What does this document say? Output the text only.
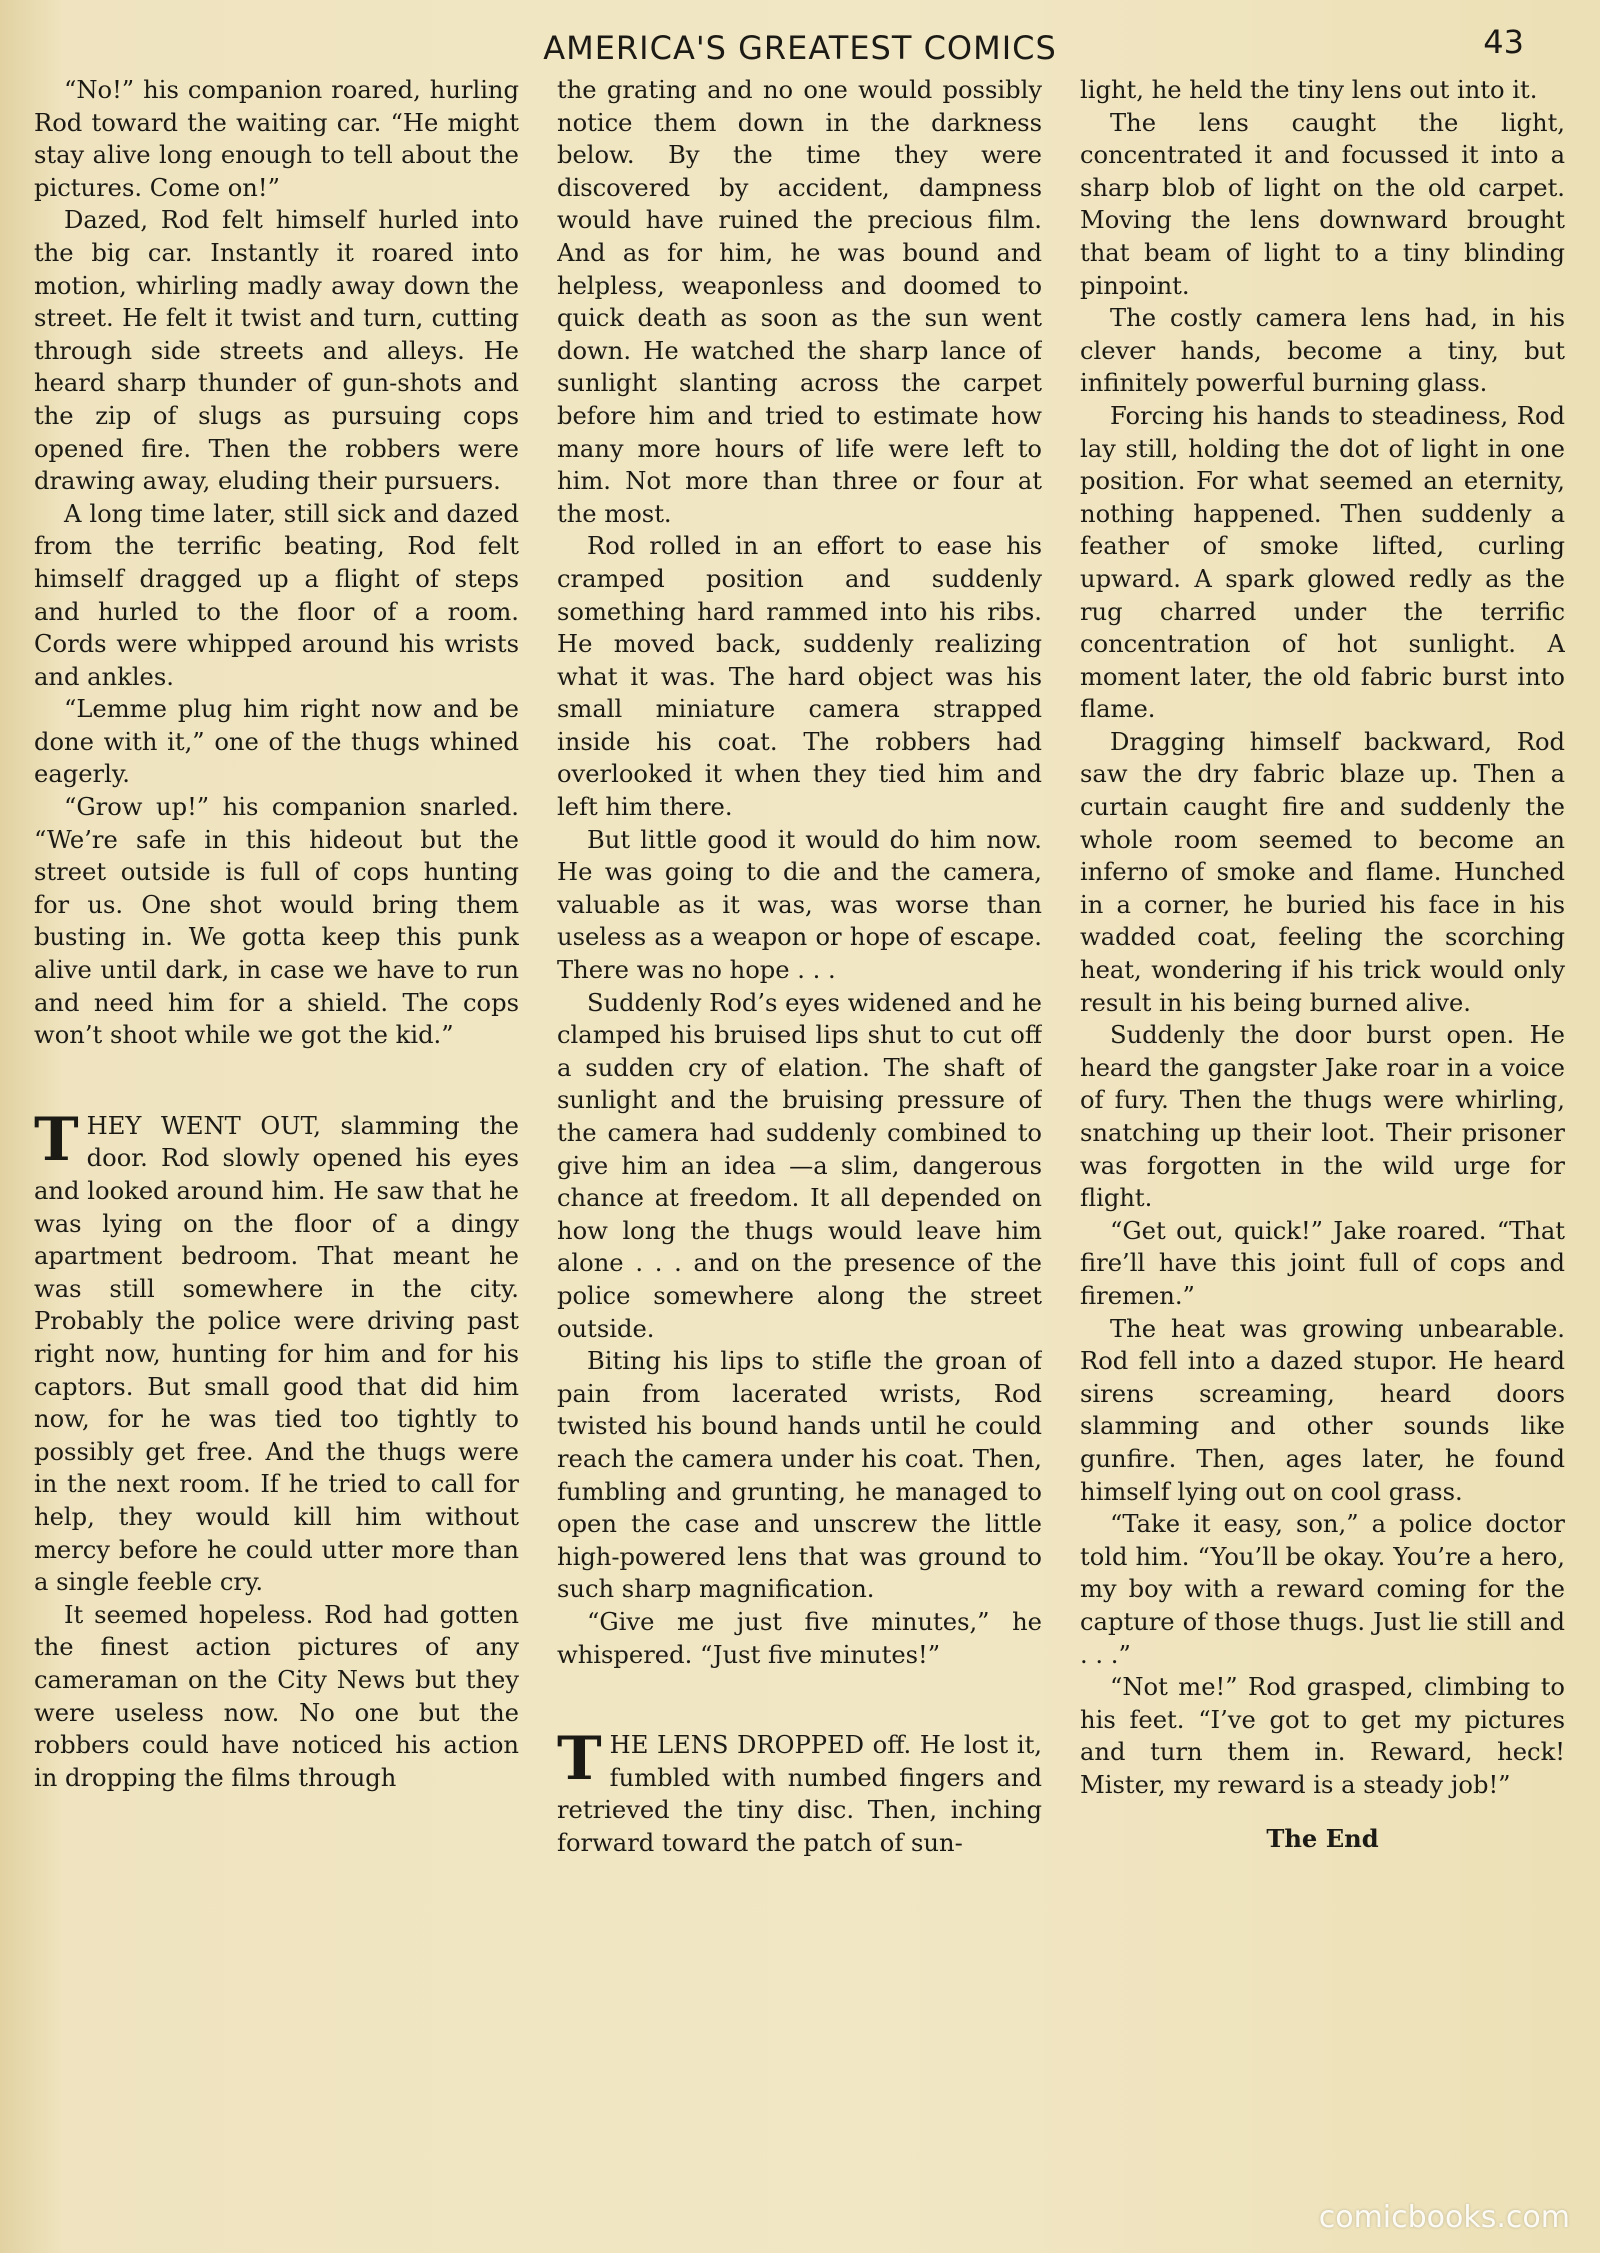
AMERICA'S GREATEST COMICS	43

“No!” his companion roared, hurling Rod toward the waiting car. “He might stay alive long enough to tell about the pictures. Come on!”

Dazed, Rod felt himself hurled into the big car. Instantly it roared into motion, whirling madly away down the street. He felt it twist and turn, cutting through side streets and alleys. He heard sharp thunder of gun-shots and the zip of slugs as pursuing cops opened fire. Then the robbers were drawing away, eluding their pursuers.

A long time later, still sick and dazed from the terrific beating, Rod felt himself dragged up a flight of steps and hurled to the floor of a room. Cords were whipped around his wrists and ankles.

“Lemme plug him right now and be done with it,” one of the thugs whined eagerly.

“Grow up!” his companion snarled. “We’re safe in this hideout but the street outside is full of cops hunting for us. One shot would bring them busting in. We gotta keep this punk alive until dark, in case we have to run and need him for a shield. The cops won’t shoot while we got the kid.”

THEY WENT OUT, slamming the door. Rod slowly opened his eyes and looked around him. He saw that he was lying on the floor of a dingy apartment bedroom. That meant he was still somewhere in the city. Probably the police were driving past right now, hunting for him and for his captors. But small good that did him now, for he was tied too tightly to possibly get free. And the thugs were in the next room. If he tried to call for help, they would kill him without mercy before he could utter more than a single feeble cry.

It seemed hopeless. Rod had gotten the finest action pictures of any cameraman on the City News but they were useless now. No one but the robbers could have noticed his action in dropping the films through

the grating and no one would possibly notice them down in the darkness below. By the time they were discovered by accident, dampness would have ruined the precious film. And as for him, he was bound and helpless, weaponless and doomed to quick death as soon as the sun went down. He watched the sharp lance of sunlight slanting across the carpet before him and tried to estimate how many more hours of life were left to him. Not more than three or four at the most.

Rod rolled in an effort to ease his cramped position and suddenly something hard rammed into his ribs. He moved back, suddenly realizing what it was. The hard object was his small miniature camera strapped inside his coat. The robbers had overlooked it when they tied him and left him there.

But little good it would do him now. He was going to die and the camera, valuable as it was, was worse than useless as a weapon or hope of escape. There was no hope . . .

Suddenly Rod’s eyes widened and he clamped his bruised lips shut to cut off a sudden cry of elation. The shaft of sunlight and the bruising pressure of the camera had suddenly combined to give him an idea —a slim, dangerous chance at freedom. It all depended on how long the thugs would leave him alone . . . and on the presence of the police somewhere along the street outside.

Biting his lips to stifle the groan of pain from lacerated wrists, Rod twisted his bound hands until he could reach the camera under his coat. Then, fumbling and grunting, he managed to open the case and unscrew the little high-powered lens that was ground to such sharp magnification.

“Give me just five minutes,” he whispered. “Just five minutes!”

THE LENS DROPPED off. He lost it, fumbled with numbed fingers and retrieved the tiny disc. Then, inching forward toward the patch of sun-

light, he held the tiny lens out into it.

The lens caught the light, concentrated it and focussed it into a sharp blob of light on the old carpet. Moving the lens downward brought that beam of light to a tiny blinding pinpoint.

The costly camera lens had, in his clever hands, become a tiny, but infinitely powerful burning glass.

Forcing his hands to steadiness, Rod lay still, holding the dot of light in one position. For what seemed an eternity, nothing happened. Then suddenly a feather of smoke lifted, curling upward. A spark glowed redly as the rug charred under the terrific concentration of hot sunlight. A moment later, the old fabric burst into flame.

Dragging himself backward, Rod saw the dry fabric blaze up. Then a curtain caught fire and suddenly the whole room seemed to become an inferno of smoke and flame. Hunched in a corner, he buried his face in his wadded coat, feeling the scorching heat, wondering if his trick would only result in his being burned alive.

Suddenly the door burst open. He heard the gangster Jake roar in a voice of fury. Then the thugs were whirling, snatching up their loot. Their prisoner was forgotten in the wild urge for flight.

“Get out, quick!” Jake roared. “That fire’ll have this joint full of cops and firemen.”

The heat was growing unbearable. Rod fell into a dazed stupor. He heard sirens screaming, heard doors slamming and other sounds like gunfire. Then, ages later, he found himself lying out on cool grass.

“Take it easy, son,” a police doctor told him. “You’ll be okay. You’re a hero, my boy with a reward coming for the capture of those thugs. Just lie still and . . .”

“Not me!” Rod grasped, climbing to his feet. “I’ve got to get my pictures and turn them in. Reward, heck! Mister, my reward is a steady job!”

The End

comicbooks.com
